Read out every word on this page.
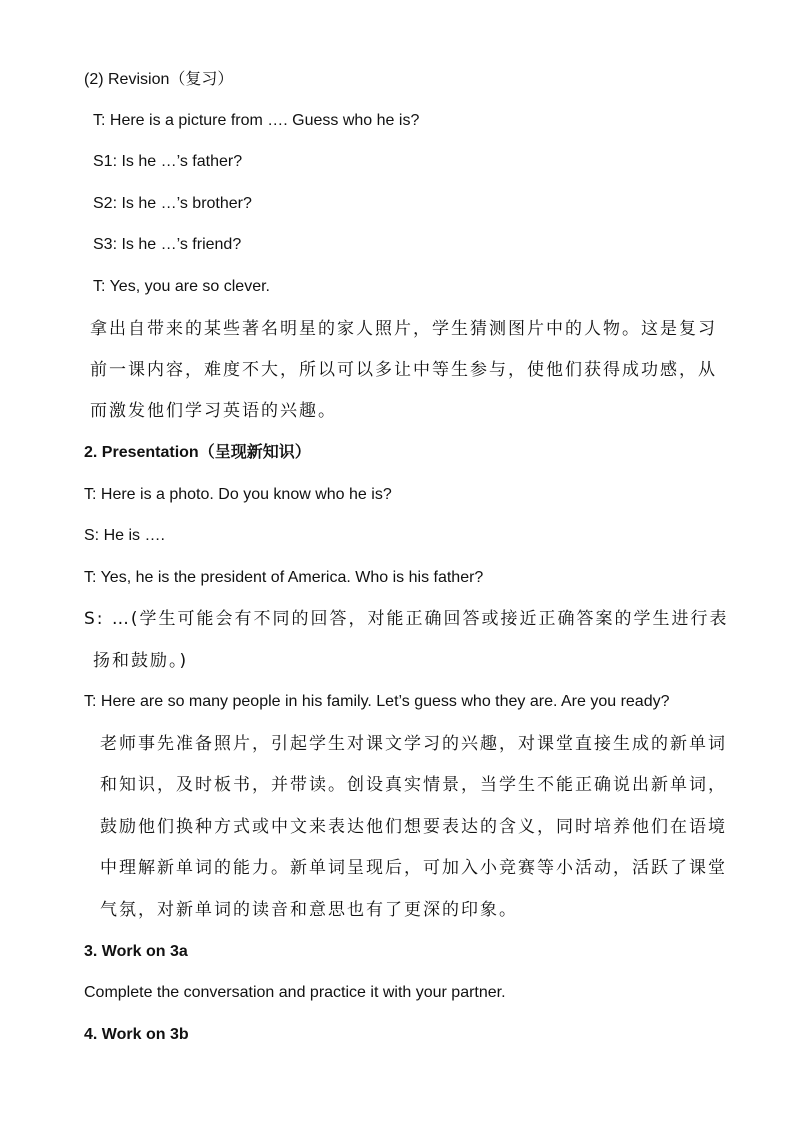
(2) Revision（复习）
T: Here is a picture from …. Guess who he is?
S1: Is he …’s father?
S2: Is he …’s brother?
S3: Is he …’s friend?
T: Yes, you are so clever.
拿出自带来的某些著名明星的家人照片，学生猜测图片中的人物。这是复习
前一课内容，难度不大，所以可以多让中等生参与，使他们获得成功感，从
而激发他们学习英语的兴趣。
2. Presentation（呈现新知识）
T: Here is a photo. Do you know who he is?
S: He is ….
T: Yes, he is the president of America. Who is his father?
S: …(学生可能会有不同的回答，对能正确回答或接近正确答案的学生进行表
扬和鼓励。)
T: Here are so many people in his family. Let’s guess who they are. Are you ready?
老师事先准备照片，引起学生对课文学习的兴趣，对课堂直接生成的新单词
和知识，及时板书，并带读。创设真实情景，当学生不能正确说出新单词，
鼓励他们换种方式或中文来表达他们想要表达的含义，同时培养他们在语境
中理解新单词的能力。新单词呈现后，可加入小竞赛等小活动，活跃了课堂
气氛，对新单词的读音和意思也有了更深的印象。
3. Work on 3a
Complete the conversation and practice it with your partner.
4. Work on 3b
